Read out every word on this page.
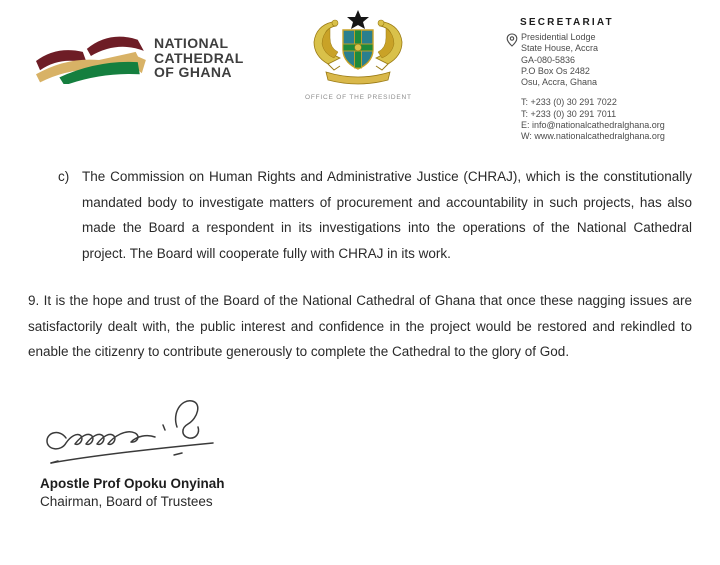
NATIONAL
CATHEDRAL
OF GHANA
OFFICE OF THE PRESIDENT
SECRETARIAT
Presidential Lodge
State House, Accra
GA-080-5836
P.O Box Os 2482
Osu, Accra, Ghana
T: +233 (0) 30 291 7022
T: +233 (0) 30 291 7011
E: info@nationalcathedralghana.org
W: www.nationalcathedralghana.org
c) The Commission on Human Rights and Administrative Justice (CHRAJ), which is the constitutionally mandated body to investigate matters of procurement and accountability in such projects, has also made the Board a respondent in its investigations into the operations of the National Cathedral project. The Board will cooperate fully with CHRAJ in its work.
9. It is the hope and trust of the Board of the National Cathedral of Ghana that once these nagging issues are satisfactorily dealt with, the public interest and confidence in the project would be restored and rekindled to enable the citizenry to contribute generously to complete the Cathedral to the glory of God.
Apostle Prof Opoku Onyinah
Chairman, Board of Trustees
